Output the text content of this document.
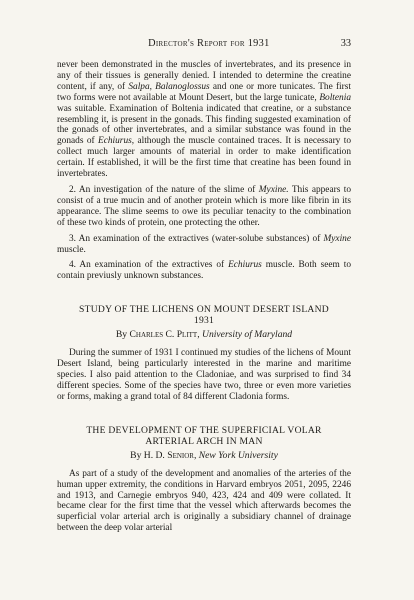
Director's Report for 1931	33

never been demonstrated in the muscles of invertebrates, and its presence in any of their tissues is generally denied. I intended to determine the creatine content, if any, of Salpa, Balanoglossus and one or more tunicates. The first two forms were not available at Mount Desert, but the large tunicate, Boltenia was suitable. Examination of Boltenia indicated that creatine, or a substance resembling it, is present in the gonads. This finding suggested examination of the gonads of other invertebrates, and a similar substance was found in the gonads of Echiurus, although the muscle contained traces. It is necessary to collect much larger amounts of material in order to make identification certain. If established, it will be the first time that creatine has been found in invertebrates.

2. An investigation of the nature of the slime of Myxine. This appears to consist of a true mucin and of another protein which is more like fibrin in its appearance. The slime seems to owe its peculiar tenacity to the combination of these two kinds of protein, one protecting the other.

3. An examination of the extractives (water-solube substances) of Myxine muscle.

4. An examination of the extractives of Echiurus muscle. Both seem to contain previusly unknown substances.

STUDY OF THE LICHENS ON MOUNT DESERT ISLAND
1931
By Charles C. Plitt, University of Maryland

During the summer of 1931 I continued my studies of the lichens of Mount Desert Island, being particularly interested in the marine and maritime species. I also paid attention to the Cladoniae, and was surprised to find 34 different species. Some of the species have two, three or even more varieties or forms, making a grand total of 84 different Cladonia forms.

THE DEVELOPMENT OF THE SUPERFICIAL VOLAR
ARTERIAL ARCH IN MAN
By H. D. Senior, New York University

As part of a study of the development and anomalies of the arteries of the human upper extremity, the conditions in Harvard embryos 2051, 2095, 2246 and 1913, and Carnegie embryos 940, 423, 424 and 409 were collated. It became clear for the first time that the vessel which afterwards becomes the superficial volar arterial arch is originally a subsidiary channel of drainage between the deep volar arterial
